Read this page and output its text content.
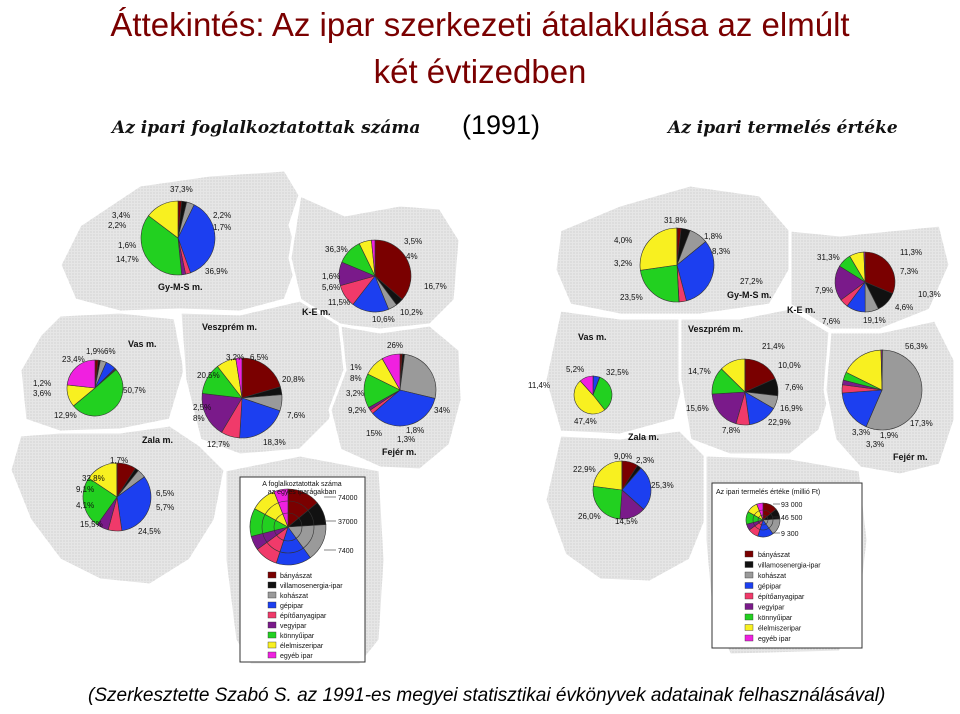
Áttekintés: Az ipar szerkezeti átalakulása az elmúlt
két évtizedben
Az ipari foglalkoztatottak száma (1991)	Az ipari termelés értéke
37,3%
3,4%
2,2%
2,2%
1,7%
1,6%
14,7%
36,9%
36,3%
3,5%
4%
1,6%
5,6%	16,7%
11,5%
10,6%
10,2%
23,4%
1,9% 6%
1,2%
3,6%	50,7%
12,9%
3,2% 6,5%
20,5%	20,8%
2,5%
8%	7,6%
12,7%	18,3%
26%
1%
8%
3,2%
9,2%	34%
15%
1,3%
1,8%
32,8%
1,7%
9,1%	6,5%
4,1%	5,7%
15,5%
24,5%
31,8%
1,8%
4,0%
8,3%
3,2%
23,5%
27,2%
31,3%
11,3%
7,3%
7,9%	10,3%
4,6%
7,6%	19,1%
5,2%	32,5%
11,4%
47,4%
21,4%
14,7%
10,0%
7,6%
15,6%	16,9%
7,8%
22,9%
56,3%
17,3%
3,3% 1,9%
3,3%
9,0% 2,3%
22,9%
25,3%
26,0%
14,5%
Gy-M-S m.
K-E m.
Vas m.
Veszprém m.
Zala m.
Fejér m.
Gy-M-S m.
K-E m.
Vas m.
Veszprém m.
Zala m.
Fejér m.
A foglalkoztatottak száma
az egyes iparágakban
74000
37000
7400
bányászat
villamosenergia-ipar
kohászat
gépipar
építőanyagipar
vegyipar
könnyűipar
élelmiszeripar
egyéb ipar
Az ipari termelés értéke (millió Ft)
93 000
46 500
9 300
bányászat
villamosenergia-ipar
kohászat
gépipar
építőanyagipar
vegyipar
könnyűipar
élelmiszeripar
egyéb ipar
(Szerkesztette Szabó S. az 1991-es megyei statisztikai évkönyvek adatainak felhasználásával)
